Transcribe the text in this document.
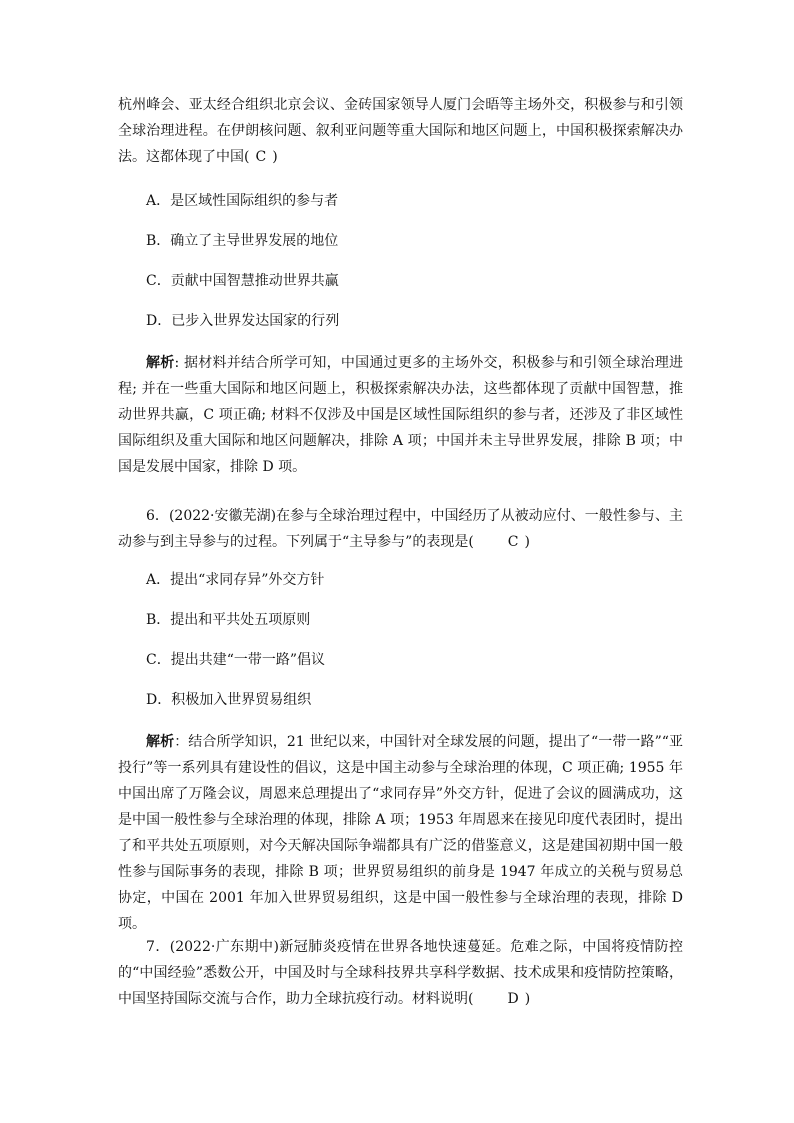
杭州峰会、亚太经合组织北京会议、金砖国家领导人厦门会晤等主场外交，积极参与和引领全球治理进程。在伊朗核问题、叙利亚问题等重大国际和地区问题上，中国积极探索解决办法。这都体现了中国( C )

A．是区域性国际组织的参与者

B．确立了主导世界发展的地位

C．贡献中国智慧推动世界共赢

D．已步入世界发达国家的行列

解析: 据材料并结合所学可知，中国通过更多的主场外交，积极参与和引领全球治理进程; 并在一些重大国际和地区问题上，积极探索解决办法，这些都体现了贡献中国智慧，推动世界共赢，C 项正确; 材料不仅涉及中国是区域性国际组织的参与者，还涉及了非区域性国际组织及重大国际和地区问题解决，排除 A 项；中国并未主导世界发展，排除 B 项；中国是发展中国家，排除 D 项。

6．(2022·安徽芜湖)在参与全球治理过程中，中国经历了从被动应付、一般性参与、主动参与到主导参与的过程。下列属于“主导参与”的表现是( C )

A．提出“求同存异”外交方针

B．提出和平共处五项原则

C．提出共建“一带一路”倡议

D．积极加入世界贸易组织

解析：结合所学知识，21 世纪以来，中国针对全球发展的问题，提出了“一带一路”“亚投行”等一系列具有建设性的倡议，这是中国主动参与全球治理的体现，C 项正确; 1955 年中国出席了万隆会议，周恩来总理提出了“求同存异”外交方针，促进了会议的圆满成功，这是中国一般性参与全球治理的体现，排除 A 项；1953 年周恩来在接见印度代表团时，提出了和平共处五项原则，对今天解决国际争端都具有广泛的借鉴意义，这是建国初期中国一般性参与国际事务的表现，排除 B 项；世界贸易组织的前身是 1947 年成立的关税与贸易总协定，中国在 2001 年加入世界贸易组织，这是中国一般性参与全球治理的表现，排除 D 项。

7．(2022·广东期中)新冠肺炎疫情在世界各地快速蔓延。危难之际，中国将疫情防控的“中国经验”悉数公开，中国及时与全球科技界共享科学数据、技术成果和疫情防控策略，中国坚持国际交流与合作，助力全球抗疫行动。材料说明( D )
